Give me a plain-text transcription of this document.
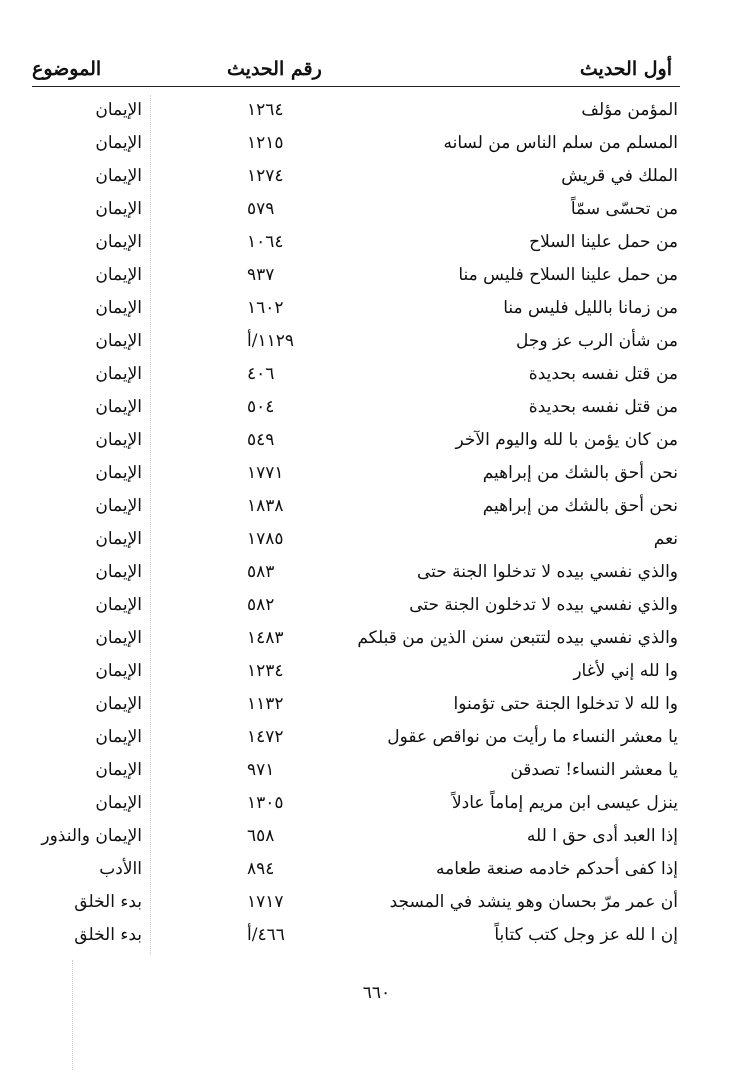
أول الحديث
رقم الحديث
الموضوع
المؤمن مؤلف
١٢٦٤
الإيمان
المسلم من سلم الناس من لسانه
١٢١٥
الإيمان
الملك في قريش
١٢٧٤
الإيمان
من تحسّى سمّاً
٥٧٩
الإيمان
من حمل علينا السلاح
١٠٦٤
الإيمان
من حمل علينا السلاح فليس منا
٩٣٧
الإيمان
من زمانا بالليل فليس منا
١٦٠٢
الإيمان
من شأن الرب عز وجل
١١٢٩/أ
الإيمان
من قتل نفسه بحديدة
٤٠٦
الإيمان
من قتل نفسه بحديدة
٥٠٤
الإيمان
من كان يؤمن با لله واليوم الآخر
٥٤٩
الإيمان
نحن أحق بالشك من إبراهيم
١٧٧١
الإيمان
نحن أحق بالشك من إبراهيم
١٨٣٨
الإيمان
نعم
١٧٨٥
الإيمان
والذي نفسي بيده لا تدخلوا الجنة حتى
٥٨٣
الإيمان
والذي نفسي بيده لا تدخلون الجنة حتى
٥٨٢
الإيمان
والذي نفسي بيده لتتبعن سنن الذين من قبلكم
١٤٨٣
الإيمان
وا لله إني لأغار
١٢٣٤
الإيمان
وا لله لا تدخلوا الجنة حتى تؤمنوا
١١٣٢
الإيمان
يا معشر النساء ما رأيت من نواقص عقول
١٤٧٢
الإيمان
يا معشر النساء! تصدقن
٩٧١
الإيمان
ينزل عيسى ابن مريم إماماً عادلاً
١٣٠٥
الإيمان
إذا العبد أدى حق ا لله
٦٥٨
الإيمان والنذور
إذا كفى أحدكم خادمه صنعة طعامه
٨٩٤
االأدب
أن عمر مرّ بحسان وهو ينشد في المسجد
١٧١٧
بدء الخلق
إن ا لله عز وجل كتب كتاباً
٤٦٦/أ
بدء الخلق
٦٦٠
